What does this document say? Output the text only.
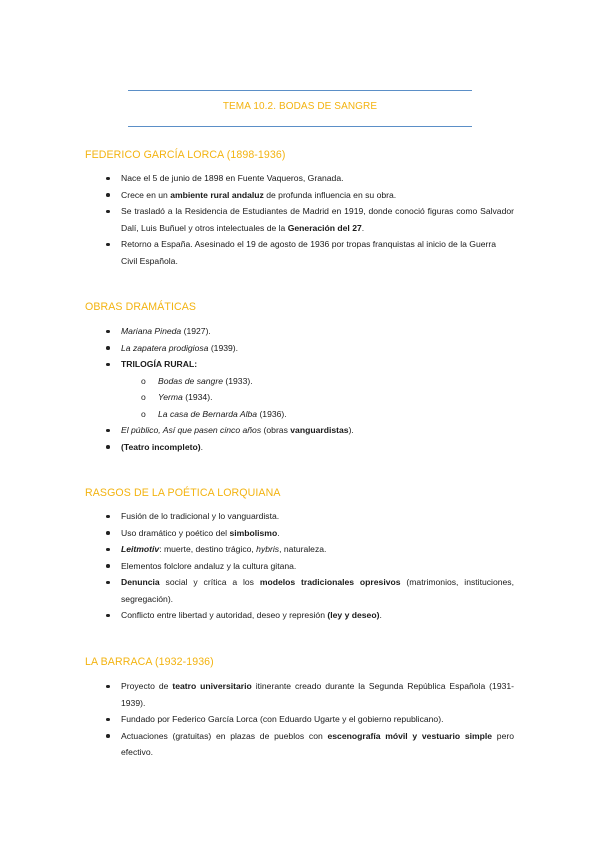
TEMA 10.2. BODAS DE SANGRE
FEDERICO GARCÍA LORCA (1898-1936)
Nace el 5 de junio de 1898 en Fuente Vaqueros, Granada.
Crece en un ambiente rural andaluz de profunda influencia en su obra.
Se trasladó a la Residencia de Estudiantes de Madrid en 1919, donde conoció figuras como Salvador Dalí, Luis Buñuel y otros intelectuales de la Generación del 27.
Retorno a España. Asesinado el 19 de agosto de 1936 por tropas franquistas al inicio de la Guerra Civil Española.
OBRAS DRAMÁTICAS
Mariana Pineda (1927).
La zapatera prodigiosa (1939).
TRILOGÍA RURAL:
o Bodas de sangre (1933).
o Yerma (1934).
o La casa de Bernarda Alba (1936).
El público, Así que pasen cinco años (obras vanguardistas).
(Teatro incompleto).
RASGOS DE LA POÉTICA LORQUIANA
Fusión de lo tradicional y lo vanguardista.
Uso dramático y poético del simbolismo.
Leitmotiv: muerte, destino trágico, hybris, naturaleza.
Elementos folclore andaluz y la cultura gitana.
Denuncia social y crítica a los modelos tradicionales opresivos (matrimonios, instituciones, segregación).
Conflicto entre libertad y autoridad, deseo y represión (ley y deseo).
LA BARRACA (1932-1936)
Proyecto de teatro universitario itinerante creado durante la Segunda República Española (1931-1939).
Fundado por Federico García Lorca (con Eduardo Ugarte y el gobierno republicano).
Actuaciones (gratuitas) en plazas de pueblos con escenografía móvil y vestuario simple pero efectivo.
